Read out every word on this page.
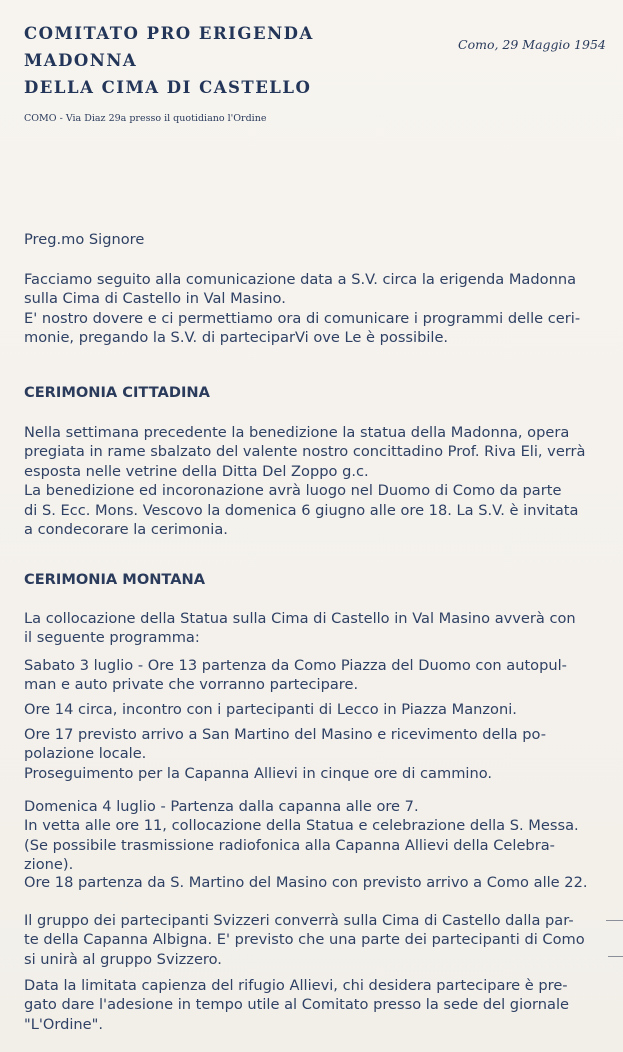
COMITATO PRO ERIGENDA
MADONNA
DELLA CIMA DI CASTELLO
COMO - Via Diaz 29a presso il quotidiano l'Ordine
Como, 29 Maggio 1954
Preg.mo Signore
Facciamo seguito alla comunicazione data a S.V. circa la erigenda Madonna
sulla Cima di Castello in Val Masino.
E' nostro dovere e ci permettiamo ora di comunicare i programmi delle ceri-
monie, pregando la S.V. di parteciparVi ove Le è possibile.
CERIMONIA CITTADINA
Nella settimana precedente la benedizione la statua della Madonna, opera
pregiata in rame sbalzato del valente nostro concittadino Prof. Riva Eli, verrà
esposta nelle vetrine della Ditta Del Zoppo g.c.
La benedizione ed incoronazione avrà luogo nel Duomo di Como da parte
di S. Ecc. Mons. Vescovo la domenica 6 giugno alle ore 18. La S.V. è invitata
a condecorare la cerimonia.
CERIMONIA MONTANA
La collocazione della Statua sulla Cima di Castello in Val Masino avverà con
il seguente programma:
Sabato 3 luglio - Ore 13 partenza da Como Piazza del Duomo con autopul-
man e auto private che vorranno partecipare.
Ore 14 circa, incontro con i partecipanti di Lecco in Piazza Manzoni.
Ore 17 previsto arrivo a San Martino del Masino e ricevimento della po-
polazione locale.
Proseguimento per la Capanna Allievi in cinque ore di cammino.
Domenica 4 luglio - Partenza dalla capanna alle ore 7.
In vetta alle ore 11, collocazione della Statua e celebrazione della S. Messa.
(Se possibile trasmissione radiofonica alla Capanna Allievi della Celebra-
zione).
Ore 18 partenza da S. Martino del Masino con previsto arrivo a Como alle 22.
Il gruppo dei partecipanti Svizzeri converrà sulla Cima di Castello dalla par-
te della Capanna Albigna. E' previsto che una parte dei partecipanti di Como
si unirà al gruppo Svizzero.
Data la limitata capienza del rifugio Allievi, chi desidera partecipare è pre-
gato dare l'adesione in tempo utile al Comitato presso la sede del giornale
"L'Ordine".
